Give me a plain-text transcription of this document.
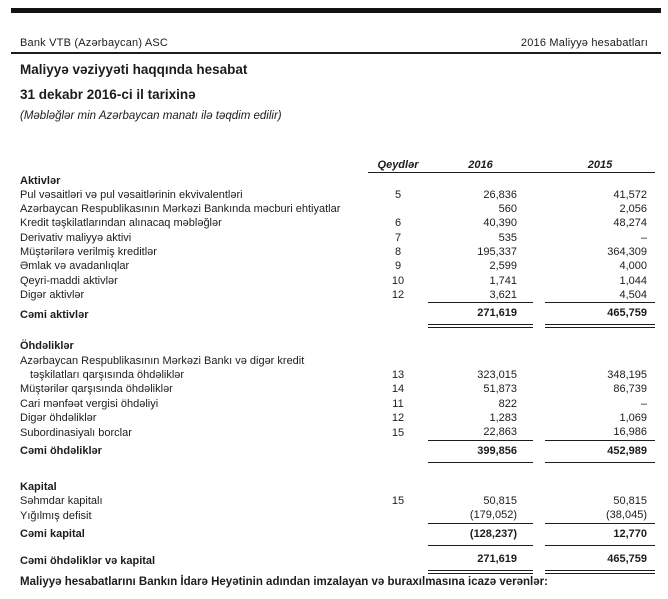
Bank VTB (Azərbaycan) ASC	2016 Maliyyə hesabatları
Maliyyə vəziyyəti haqqında hesabat
31 dekabr 2016-ci il tarixinə
(Məbləğlər min Azərbaycan manatı ilə təqdim edilir)
	Qeydlər	2016		2015
Aktivlər				
Pul vəsaitləri və pul vəsaitlərinin ekvivalentləri	5	26,836		41,572
Azərbaycan Respublikasının Mərkəzi Bankında məcburi ehtiyatlar		560		2,056
Kredit təşkilatlarından alınacaq məbləğlər	6	40,390		48,274
Derivativ maliyyə aktivi	7	535		–
Müştərilərə verilmiş kreditlər	8	195,337		364,309
Əmlak və avadanlıqlar	9	2,599		4,000
Qeyri-maddi aktivlər	10	1,741		1,044
Digər aktivlər	12	3,621		4,504
Cəmi aktivlər		271,619		465,759

Öhdəliklər				

Azərbaycan Respublikasının Mərkəzi Bankı və digər kredit
təşkilatları qarşısında öhdəliklər	13	323,015		348,195
Müştərilər qarşısında öhdəliklər	14	51,873		86,739
Cari mənfəət vergisi öhdəliyi	11	822		–
Digər öhdəliklər	12	1,283		1,069
Subordinasiyalı borclar	15	22,863		16,986
Cəmi öhdəliklər		399,856		452,989

Kapital				
Səhmdar kapitalı	15	50,815		50,815
Yığılmış defisit		(179,052)		(38,045)
Cəmi kapital		(128,237)		12,770
Cəmi öhdəliklər və kapital		271,619		465,759
Maliyyə hesabatlarını Bankın İdarə Heyətinin adından imzalayan və buraxılmasına icazə verənlər:
